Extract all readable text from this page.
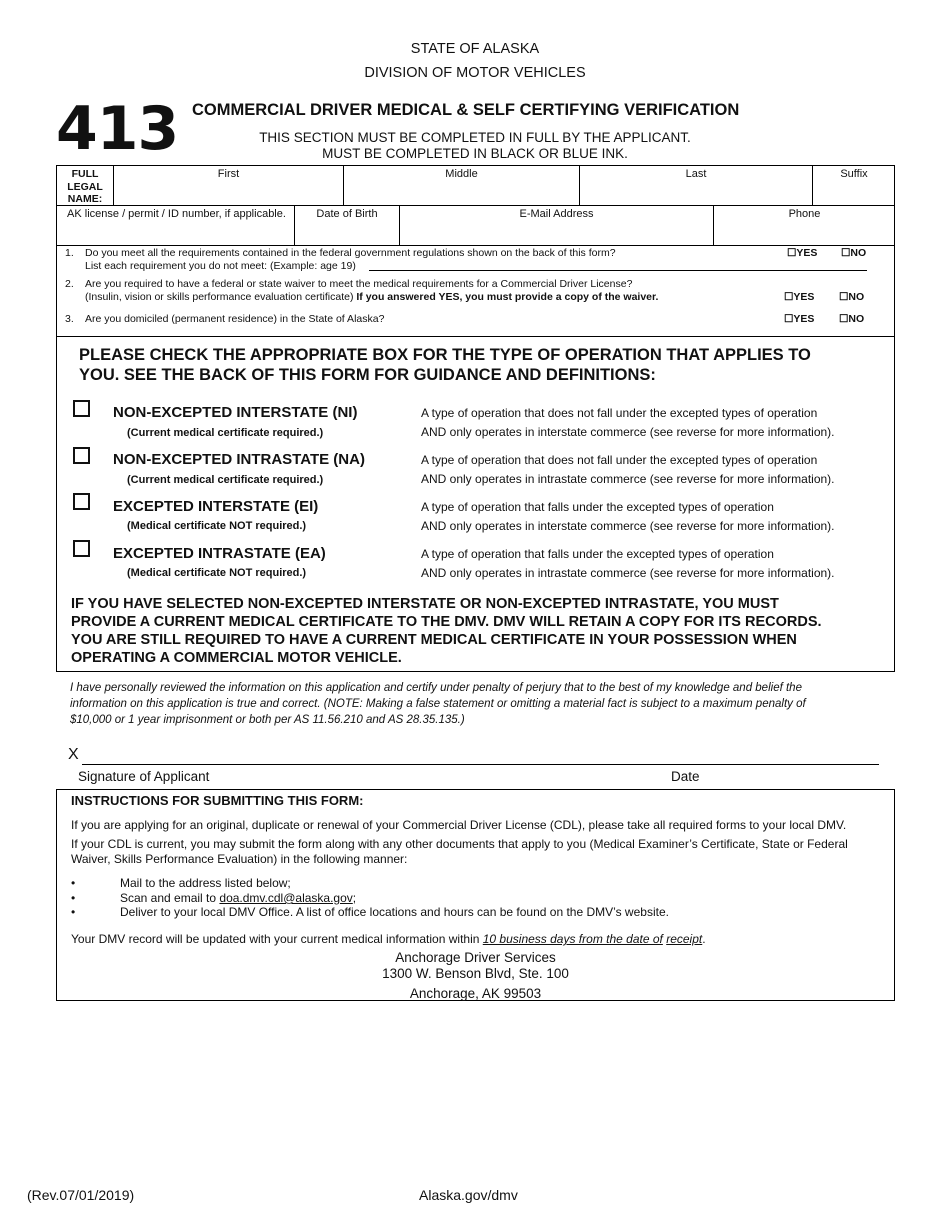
STATE OF ALASKA
DIVISION OF MOTOR VEHICLES
413 COMMERCIAL DRIVER MEDICAL & SELF CERTIFYING VERIFICATION
THIS SECTION MUST BE COMPLETED IN FULL BY THE APPLICANT.
MUST BE COMPLETED IN BLACK OR BLUE INK.
FULL LEGAL NAME:
First	Middle	Last	Suffix
AK license / permit / ID number, if applicable.	Date of Birth	E-Mail Address	Phone
1. Do you meet all the requirements contained in the federal government regulations shown on the back of this form?
List each requirement you do not meet: (Example: age 19)
☐YES ☐NO
2. Are you required to have a federal or state waiver to meet the medical requirements for a Commercial Driver License?
(Insulin, vision or skills performance evaluation certificate) If you answered YES, you must provide a copy of the waiver.	☐YES ☐NO
3. Are you domiciled (permanent residence) in the State of Alaska?	☐YES ☐NO
PLEASE CHECK THE APPROPRIATE BOX FOR THE TYPE OF OPERATION THAT APPLIES TO
YOU. SEE THE BACK OF THIS FORM FOR GUIDANCE AND DEFINITIONS:
NON-EXCEPTED INTERSTATE (NI)
(Current medical certificate required.)
A type of operation that does not fall under the excepted types of operation
AND only operates in interstate commerce (see reverse for more information).
NON-EXCEPTED INTRASTATE (NA)
(Current medical certificate required.)
A type of operation that does not fall under the excepted types of operation
AND only operates in intrastate commerce (see reverse for more information).
EXCEPTED INTERSTATE (EI)
(Medical certificate NOT required.)
A type of operation that falls under the excepted types of operation
AND only operates in interstate commerce (see reverse for more information).
EXCEPTED INTRASTATE (EA)
(Medical certificate NOT required.)
A type of operation that falls under the excepted types of operation
AND only operates in intrastate commerce (see reverse for more information).
IF YOU HAVE SELECTED NON-EXCEPTED INTERSTATE OR NON-EXCEPTED INTRASTATE, YOU MUST
PROVIDE A CURRENT MEDICAL CERTIFICATE TO THE DMV. DMV WILL RETAIN A COPY FOR ITS RECORDS.
YOU ARE STILL REQUIRED TO HAVE A CURRENT MEDICAL CERTIFICATE IN YOUR POSSESSION WHEN
OPERATING A COMMERCIAL MOTOR VEHICLE.
I have personally reviewed the information on this application and certify under penalty of perjury that to the best of my knowledge and belief the
information on this application is true and correct. (NOTE: Making a false statement or omitting a material fact is subject to a maximum penalty of
$10,000 or 1 year imprisonment or both per AS 11.56.210 and AS 28.35.135.)
X
Signature of Applicant	Date
INSTRUCTIONS FOR SUBMITTING THIS FORM:
If you are applying for an original, duplicate or renewal of your Commercial Driver License (CDL), please take all required forms to your local DMV.
If your CDL is current, you may submit the form along with any other documents that apply to you (Medical Examiner’s Certificate, State or Federal
Waiver, Skills Performance Evaluation) in the following manner:
•	Mail to the address listed below;
•	Scan and email to doa.dmv.cdl@alaska.gov;
•	Deliver to your local DMV Office. A list of office locations and hours can be found on the DMV’s website.
Your DMV record will be updated with your current medical information within 10 business days from the date of receipt.
Anchorage Driver Services
1300 W. Benson Blvd, Ste. 100
Anchorage, AK 99503
(Rev.07/01/2019)	Alaska.gov/dmv
